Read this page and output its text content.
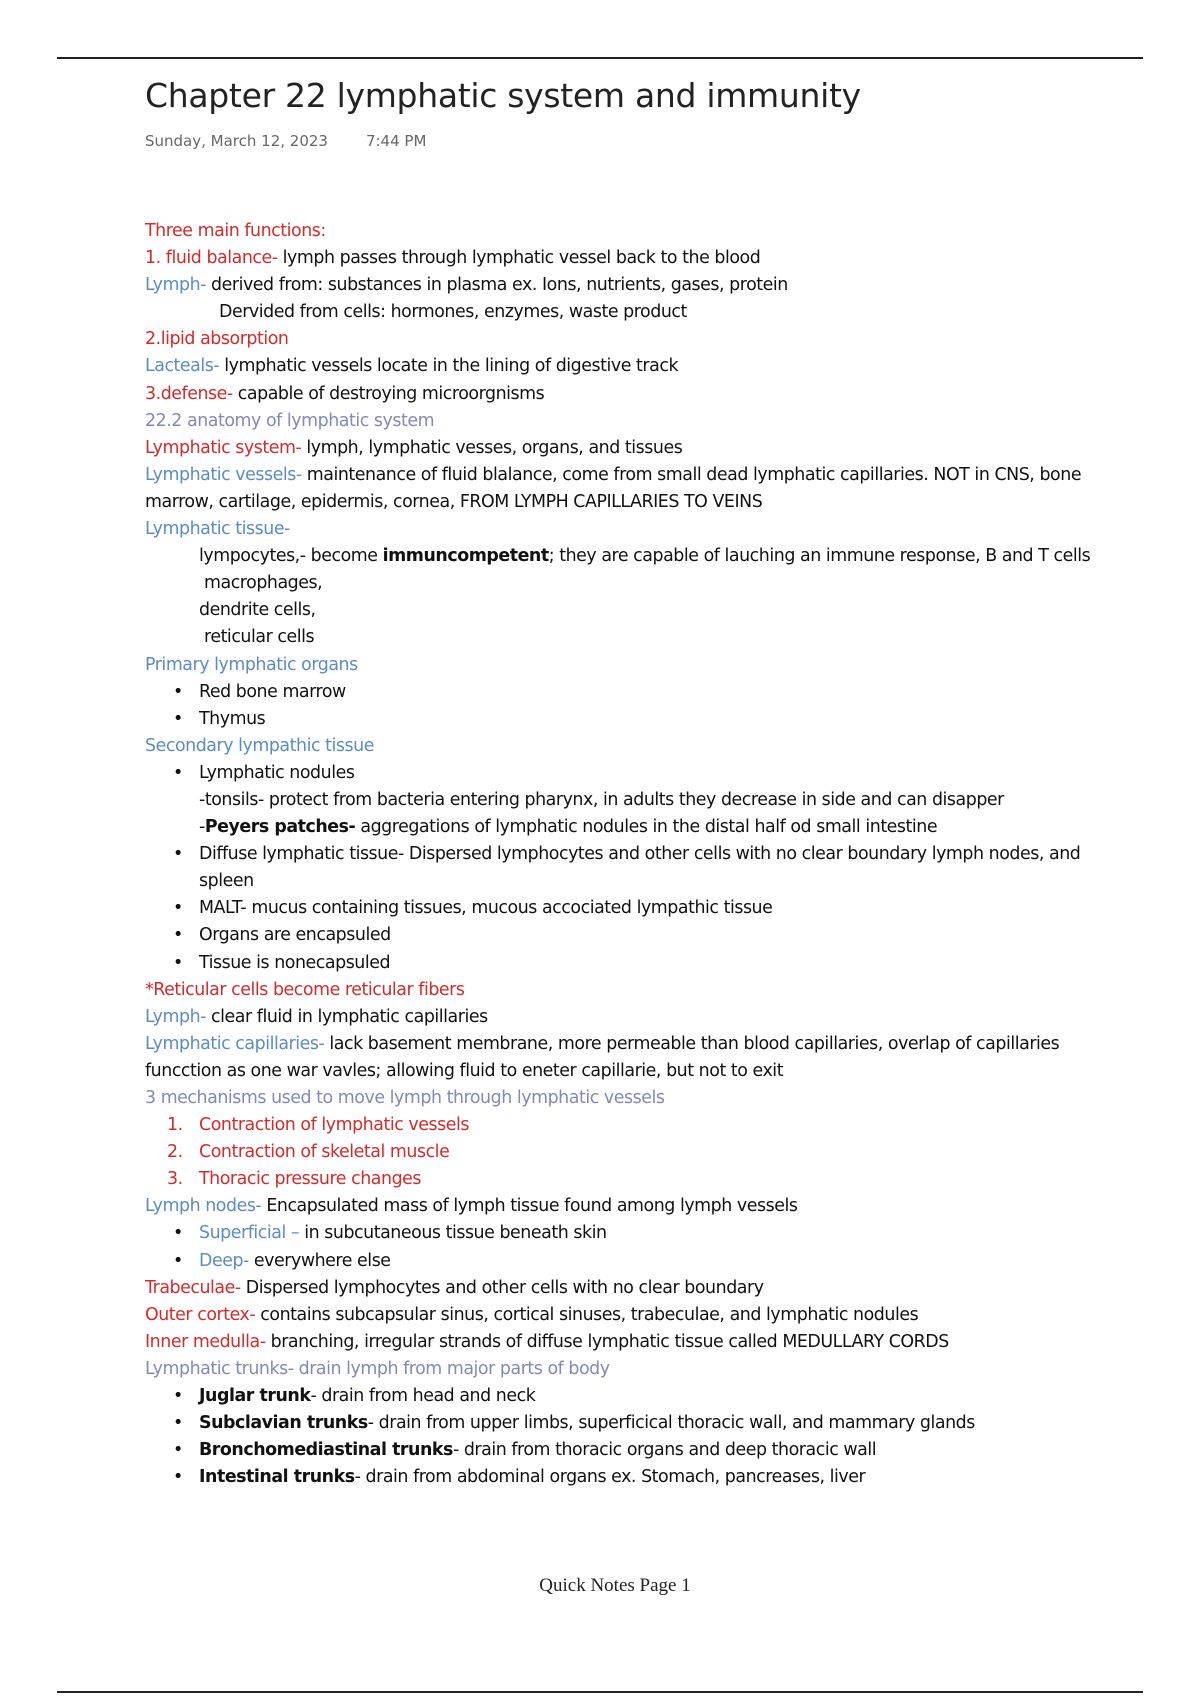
Chapter 22 lymphatic system and immunity
Sunday, March 12, 2023	7:44 PM
Three main functions:
1. fluid balance- lymph passes through lymphatic vessel back to the blood
Lymph- derived from: substances in plasma ex. Ions, nutrients, gases, protein
Dervided from cells: hormones, enzymes, waste product
2.lipid absorption
Lacteals- lymphatic vessels locate in the lining of digestive track
3.defense- capable of destroying microorgnisms
22.2 anatomy of lymphatic system
Lymphatic system- lymph, lymphatic vesses, organs, and tissues
Lymphatic vessels- maintenance of fluid blalance, come from small dead lymphatic capillaries. NOT in CNS, bone marrow, cartilage, epidermis, cornea, FROM LYMPH CAPILLARIES TO VEINS
Lymphatic tissue-
lympocytes,- become immuncompetent; they are capable of lauching an immune response, B and T cells
macrophages,
dendrite cells,
reticular cells
Primary lymphatic organs
• Red bone marrow
• Thymus
Secondary lympathic tissue
• Lymphatic nodules
-tonsils- protect from bacteria entering pharynx, in adults they decrease in side and can disapper
-Peyers patches- aggregations of lymphatic nodules in the distal half od small intestine
• Diffuse lymphatic tissue- Dispersed lymphocytes and other cells with no clear boundary lymph nodes, and spleen
• MALT- mucus containing tissues, mucous accociated lympathic tissue
• Organs are encapsuled
• Tissue is nonecapsuled
*Reticular cells become reticular fibers
Lymph- clear fluid in lymphatic capillaries
Lymphatic capillaries- lack basement membrane, more permeable than blood capillaries, overlap of capillaries funcction as one war vavles; allowing fluid to eneter capillarie, but not to exit
3 mechanisms used to move lymph through lymphatic vessels
1. Contraction of lymphatic vessels
2. Contraction of skeletal muscle
3. Thoracic pressure changes
Lymph nodes- Encapsulated mass of lymph tissue found among lymph vessels
• Superficial – in subcutaneous tissue beneath skin
• Deep- everywhere else
Trabeculae- Dispersed lymphocytes and other cells with no clear boundary
Outer cortex- contains subcapsular sinus, cortical sinuses, trabeculae, and lymphatic nodules
Inner medulla- branching, irregular strands of diffuse lymphatic tissue called MEDULLARY CORDS
Lymphatic trunks- drain lymph from major parts of body
• Juglar trunk- drain from head and neck
• Subclavian trunks- drain from upper limbs, superficical thoracic wall, and mammary glands
• Bronchomediastinal trunks- drain from thoracic organs and deep thoracic wall
• Intestinal trunks- drain from abdominal organs ex. Stomach, pancreases, liver
Quick Notes Page 1
